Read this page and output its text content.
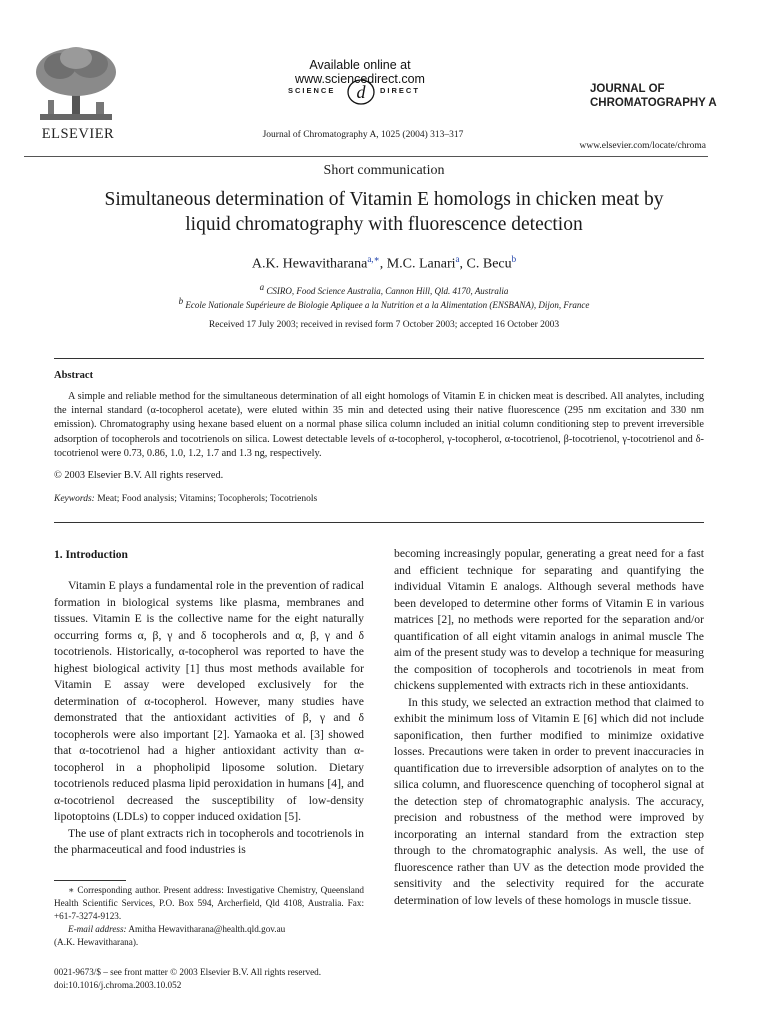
ELSEVIER
Available online at www.sciencedirect.com
SCIENCE d DIRECT
Journal of Chromatography A, 1025 (2004) 313–317
JOURNAL OF
CHROMATOGRAPHY A
www.elsevier.com/locate/chroma
Short communication
Simultaneous determination of Vitamin E homologs in chicken meat by
liquid chromatography with fluorescence detection
A.K. Hewavitharana$^{a,∗}$, M.C. Lanari$^a$, C. Becu$^b$
$^a$ CSIRO, Food Science Australia, Cannon Hill, Qld. 4170, Australia
$^b$ Ecole Nationale Supérieure de Biologie Apliquee a la Nutrition et a la Alimentation (ENSBANA), Dijon, France
Received 17 July 2003; received in revised form 7 October 2003; accepted 16 October 2003
Abstract
A simple and reliable method for the simultaneous determination of all eight homologs of Vitamin E in chicken meat is described. All analytes, including the internal standard (α-tocopherol acetate), were eluted within 35 min and detected using their native fluorescence (295 nm excitation and 330 nm emission). Chromatography using hexane based eluent on a normal phase silica column included an initial column conditioning step to prevent irreversible adsorption of tocopherols and tocotrienols on silica. Lowest detectable levels of α-tocopherol, γ-tocopherol, α-tocotrienol, β-tocotrienol, γ-tocotrienol and δ-tocotrienol were 0.73, 0.86, 1.0, 1.2, 1.7 and 1.3 ng, respectively.
© 2003 Elsevier B.V. All rights reserved.
Keywords: Meat; Food analysis; Vitamins; Tocopherols; Tocotrienols
1. Introduction

Vitamin E plays a fundamental role in the prevention of radical formation in biological systems like plasma, membranes and tissues. Vitamin E is the collective name for the eight naturally occurring forms α, β, γ and δ tocopherols and α, β, γ and δ tocotrienols. Historically, α-tocopherol was reported to have the highest biological activity [1] thus most methods available for Vitamin E assay were developed exclusively for the determination of α-tocopherol. However, many studies have demonstrated that the antioxidant activities of β, γ and δ tocopherols were also important [2]. Yamaoka et al. [3] showed that α-tocotrienol had a higher antioxidant activity than α-tocopherol in a phopholipid liposome solution. Dietary tocotrienols reduced plasma lipid peroxidation in humans [4], and α-tocotrienol decreased the susceptibility of low-density lipotoptoins (LDLs) to copper induced oxidation [5].

The use of plant extracts rich in tocopherols and tocotrienols in the pharmaceutical and food industries is

becoming increasingly popular, generating a great need for a fast and efficient technique for separating and quantifying the individual Vitamin E analogs. Although several methods have been developed to determine other forms of Vitamin E in various matrices [2], no methods were reported for the separation and/or quantification of all eight vitamin analogs in animal muscle The aim of the present study was to develop a technique for measuring the composition of tocopherols and tocotrienols in meat from chickens supplemented with extracts rich in these antioxidants.

In this study, we selected an extraction method that claimed to exhibit the minimum loss of Vitamin E [6] which did not include saponification, then further modified to minimize oxidative losses. Precautions were taken in order to prevent inaccuracies in quantification due to irreversible adsorption of analytes on to the silica column, and fluorescence quenching of tocopherol signal at the detection step of chromatographic analysis. The accuracy, precision and robustness of the method were improved by incorporating an internal standard from the extraction step through to the chromatographic analysis. As well, the use of fluorescence rather than UV as the detection mode provided the sensitivity and the selectivity required for the accurate determination of low levels of these homologs in muscle tissue.

∗ Corresponding author. Present address: Investigative Chemistry, Queensland Health Scientific Services, P.O. Box 594, Archerfield, Qld 4108, Australia. Fax: +61-7-3274-9123.
E-mail address: Amitha Hewavitharana@health.qld.gov.au
(A.K. Hewavitharana).
0021-9673/$ – see front matter © 2003 Elsevier B.V. All rights reserved.
doi:10.1016/j.chroma.2003.10.052
